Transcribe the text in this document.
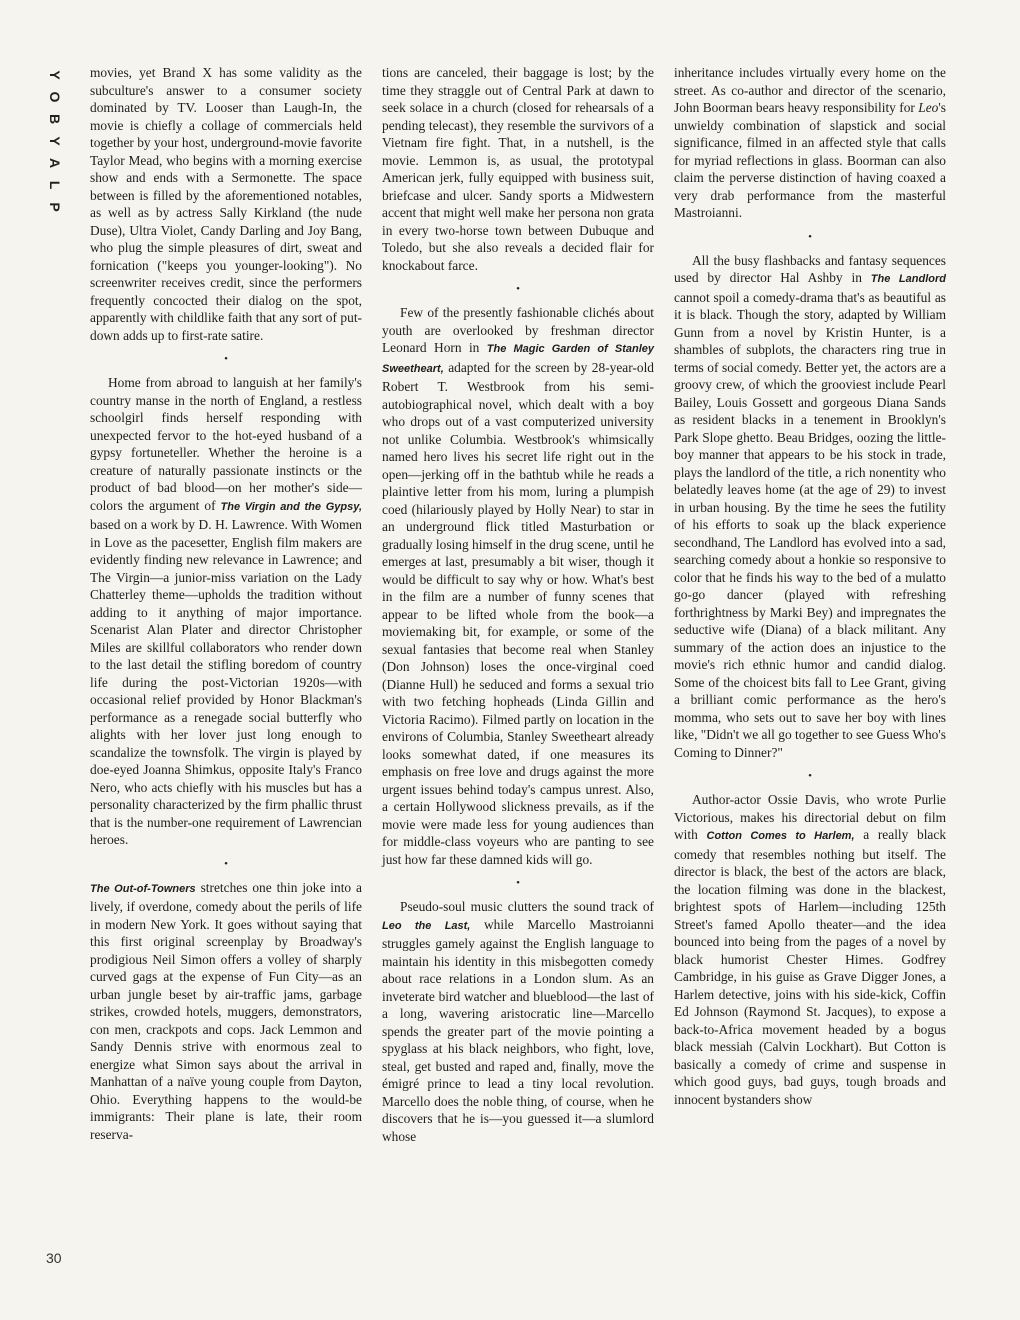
Y
O
B
Y
A
L
P

movies, yet Brand X has some validity as the subculture's answer to a consumer society dominated by TV. Looser than Laugh-In, the movie is chiefly a collage of commercials held together by your host, underground-movie favorite Taylor Mead, who begins with a morning exercise show and ends with a Sermonette. The space between is filled by the aforementioned notables, as well as by actress Sally Kirkland (the nude Duse), Ultra Violet, Candy Darling and Joy Bang, who plug the simple pleasures of dirt, sweat and fornication ("keeps you younger-looking"). No screenwriter receives credit, since the performers frequently concocted their dialog on the spot, apparently with childlike faith that any sort of put-down adds up to first-rate satire.

•

Home from abroad to languish at her family's country manse in the north of England, a restless schoolgirl finds herself responding with unexpected fervor to the hot-eyed husband of a gypsy fortuneteller. Whether the heroine is a creature of naturally passionate instincts or the product of bad blood—on her mother's side—colors the argument of The Virgin and the Gypsy, based on a work by D. H. Lawrence. With Women in Love as the pacesetter, English film makers are evidently finding new relevance in Lawrence; and The Virgin—a junior-miss variation on the Lady Chatterley theme—upholds the tradition without adding to it anything of major importance. Scenarist Alan Plater and director Christopher Miles are skillful collaborators who render down to the last detail the stifling boredom of country life during the post-Victorian 1920s—with occasional relief provided by Honor Blackman's performance as a renegade social butterfly who alights with her lover just long enough to scandalize the townsfolk. The virgin is played by doe-eyed Joanna Shimkus, opposite Italy's Franco Nero, who acts chiefly with his muscles but has a personality characterized by the firm phallic thrust that is the number-one requirement of Lawrencian heroes.

•

The Out-of-Towners stretches one thin joke into a lively, if overdone, comedy about the perils of life in modern New York. It goes without saying that this first original screenplay by Broadway's prodigious Neil Simon offers a volley of sharply curved gags at the expense of Fun City—as an urban jungle beset by air-traffic jams, garbage strikes, crowded hotels, muggers, demonstrators, con men, crackpots and cops. Jack Lemmon and Sandy Dennis strive with enormous zeal to energize what Simon says about the arrival in Manhattan of a naïve young couple from Dayton, Ohio. Everything happens to the would-be immigrants: Their plane is late, their room reserva-

tions are canceled, their baggage is lost; by the time they straggle out of Central Park at dawn to seek solace in a church (closed for rehearsals of a pending telecast), they resemble the survivors of a Vietnam fire fight. That, in a nutshell, is the movie. Lemmon is, as usual, the prototypal American jerk, fully equipped with business suit, briefcase and ulcer. Sandy sports a Midwestern accent that might well make her persona non grata in every two-horse town between Dubuque and Toledo, but she also reveals a decided flair for knockabout farce.

•

Few of the presently fashionable clichés about youth are overlooked by freshman director Leonard Horn in The Magic Garden of Stanley Sweetheart, adapted for the screen by 28-year-old Robert T. Westbrook from his semi-autobiographical novel, which dealt with a boy who drops out of a vast computerized university not unlike Columbia. Westbrook's whimsically named hero lives his secret life right out in the open—jerking off in the bathtub while he reads a plaintive letter from his mom, luring a plumpish coed (hilariously played by Holly Near) to star in an underground flick titled Masturbation or gradually losing himself in the drug scene, until he emerges at last, presumably a bit wiser, though it would be difficult to say why or how. What's best in the film are a number of funny scenes that appear to be lifted whole from the book—a moviemaking bit, for example, or some of the sexual fantasies that become real when Stanley (Don Johnson) loses the once-virginal coed (Dianne Hull) he seduced and forms a sexual trio with two fetching hopheads (Linda Gillin and Victoria Racimo). Filmed partly on location in the environs of Columbia, Stanley Sweetheart already looks somewhat dated, if one measures its emphasis on free love and drugs against the more urgent issues behind today's campus unrest. Also, a certain Hollywood slickness prevails, as if the movie were made less for young audiences than for middle-class voyeurs who are panting to see just how far these damned kids will go.

•

Pseudo-soul music clutters the sound track of Leo the Last, while Marcello Mastroianni struggles gamely against the English language to maintain his identity in this misbegotten comedy about race relations in a London slum. As an inveterate bird watcher and blueblood—the last of a long, wavering aristocratic line—Marcello spends the greater part of the movie pointing a spyglass at his black neighbors, who fight, love, steal, get busted and raped and, finally, move the émigré prince to lead a tiny local revolution. Marcello does the noble thing, of course, when he discovers that he is—you guessed it—a slumlord whose

inheritance includes virtually every home on the street. As co-author and director of the scenario, John Boorman bears heavy responsibility for Leo's unwieldy combination of slapstick and social significance, filmed in an affected style that calls for myriad reflections in glass. Boorman can also claim the perverse distinction of having coaxed a very drab performance from the masterful Mastroianni.

•

All the busy flashbacks and fantasy sequences used by director Hal Ashby in The Landlord cannot spoil a comedy-drama that's as beautiful as it is black. Though the story, adapted by William Gunn from a novel by Kristin Hunter, is a shambles of subplots, the characters ring true in terms of social comedy. Better yet, the actors are a groovy crew, of which the grooviest include Pearl Bailey, Louis Gossett and gorgeous Diana Sands as resident blacks in a tenement in Brooklyn's Park Slope ghetto. Beau Bridges, oozing the little-boy manner that appears to be his stock in trade, plays the landlord of the title, a rich nonentity who belatedly leaves home (at the age of 29) to invest in urban housing. By the time he sees the futility of his efforts to soak up the black experience secondhand, The Landlord has evolved into a sad, searching comedy about a honkie so responsive to color that he finds his way to the bed of a mulatto go-go dancer (played with refreshing forthrightness by Marki Bey) and impregnates the seductive wife (Diana) of a black militant. Any summary of the action does an injustice to the movie's rich ethnic humor and candid dialog. Some of the choicest bits fall to Lee Grant, giving a brilliant comic performance as the hero's momma, who sets out to save her boy with lines like, "Didn't we all go together to see Guess Who's Coming to Dinner?"

•

Author-actor Ossie Davis, who wrote Purlie Victorious, makes his directorial debut on film with Cotton Comes to Harlem, a really black comedy that resembles nothing but itself. The director is black, the best of the actors are black, the location filming was done in the blackest, brightest spots of Harlem—including 125th Street's famed Apollo theater—and the idea bounced into being from the pages of a novel by black humorist Chester Himes. Godfrey Cambridge, in his guise as Grave Digger Jones, a Harlem detective, joins with his side-kick, Coffin Ed Johnson (Raymond St. Jacques), to expose a back-to-Africa movement headed by a bogus black messiah (Calvin Lockhart). But Cotton is basically a comedy of crime and suspense in which good guys, bad guys, tough broads and innocent bystanders show

30
